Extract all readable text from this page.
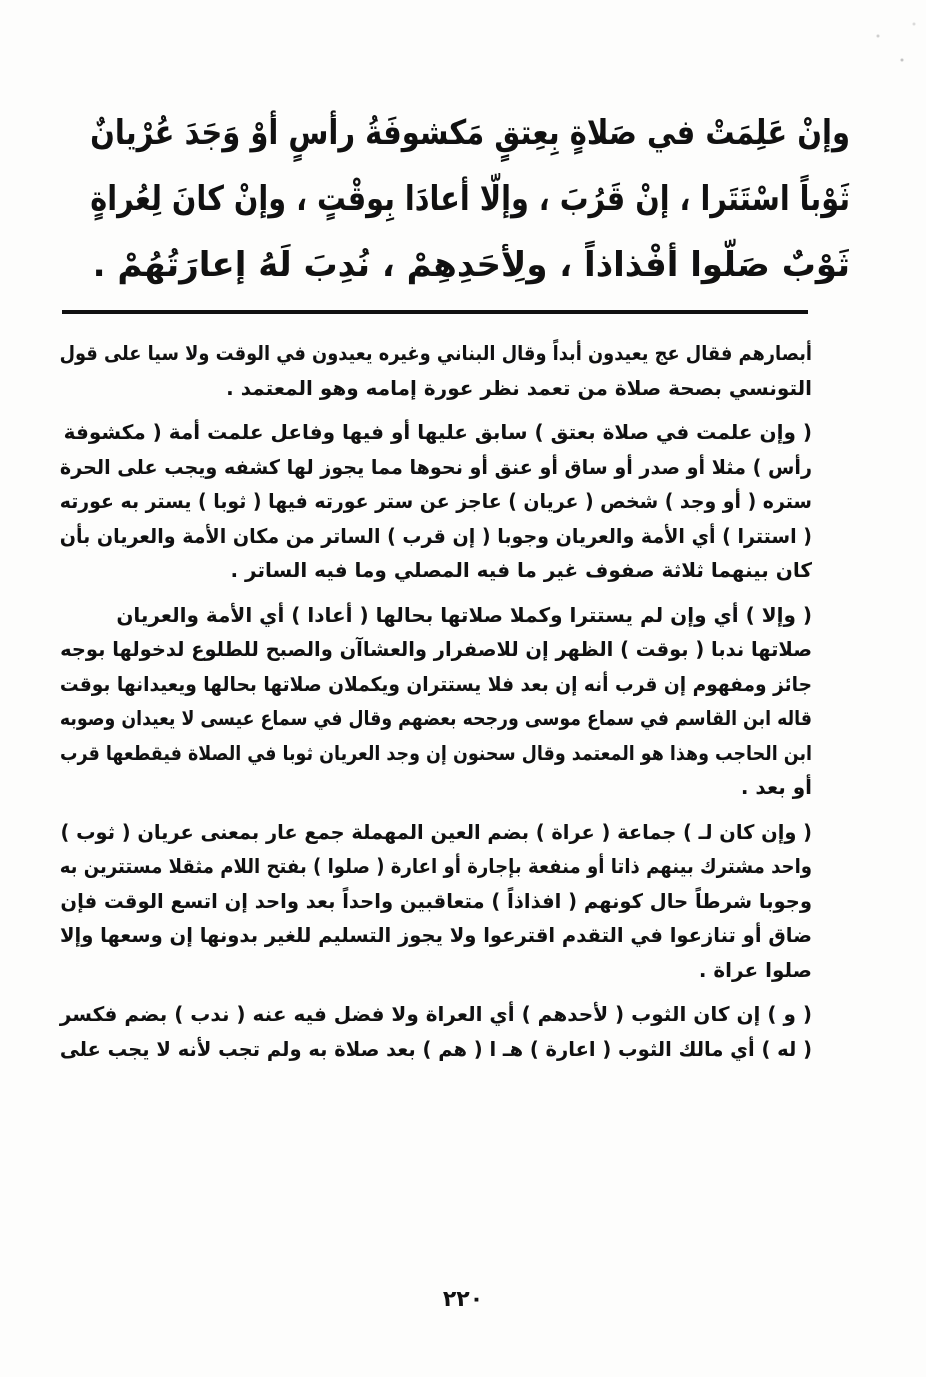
وإنْ عَلِمَتْ في صَلاةٍ بِعِتقٍ مَكشوفَةُ رأسٍ أوْ وَجَدَ عُرْيانٌ
ثَوْباً اسْتَتَرا ، إنْ قَرُبَ ، وإلّا أعادَا بِوقْتٍ ، وإنْ كانَ لِعُراةٍ
ثَوْبٌ صَلّوا أفْذاذاً ، ولِأحَدِهِمْ ، نُدِبَ لَهُ إعارَتُهُمْ .
أبصارهم فقال عج يعيدون أبداً وقال البناني وغيره يعيدون في الوقت ولا سيا على قول
التونسي بصحة صلاة من تعمد نظر عورة إمامه وهو المعتمد .
( وإن علمت في صلاة بعتق ) سابق عليها أو فيها وفاعل علمت أمة ( مكشوفة
رأس ) مثلا أو صدر أو ساق أو عنق أو نحوها مما يجوز لها كشفه ويجب على الحرة
ستره ( أو وجد ) شخص ( عريان ) عاجز عن ستر عورته فيها ( ثوبا ) يستر به عورته
( استترا ) أي الأمة والعريان وجوبا ( إن قرب ) الساتر من مكان الأمة والعريان بأن
كان بينهما ثلاثة صفوف غير ما فيه المصلي وما فيه الساتر .
( وإلا ) أي وإن لم يستترا وكملا صلاتها بحالها ( أعادا ) أي الأمة والعريان
صلاتها ندبا ( بوقت ) الظهر إن للاصفرار والعشاآن والصبح للطلوع لدخولها بوجه
جائز ومفهوم إن قرب أنه إن بعد فلا يستتران ويكملان صلاتها بحالها ويعيدانها بوقت
قاله ابن القاسم في سماع موسى ورجحه بعضهم وقال في سماع عيسى لا يعيدان وصوبه
ابن الحاجب وهذا هو المعتمد وقال سحنون إن وجد العريان ثوبا في الصلاة فيقطعها قرب
أو بعد .
( وإن كان لـ ) جماعة ( عراة ) بضم العين المهملة جمع عار بمعنى عريان ( ثوب )
واحد مشترك بينهم ذاتا أو منفعة بإجارة أو اعارة ( صلوا ) بفتح اللام مثقلا مستترين به
وجوبا شرطاً حال كونهم ( افذاذاً ) متعاقبين واحداً بعد واحد إن اتسع الوقت فإن
ضاق أو تنازعوا في التقدم اقترعوا ولا يجوز التسليم للغير بدونها إن وسعها وإلا
صلوا عراة .
( و ) إن كان الثوب ( لأحدهم ) أي العراة ولا فضل فيه عنه ( ندب ) بضم فكسر
( له ) أي مالك الثوب ( اعارة ) هـ ا ( هم ) بعد صلاة به ولم تجب لأنه لا يجب على
٢٢٠
